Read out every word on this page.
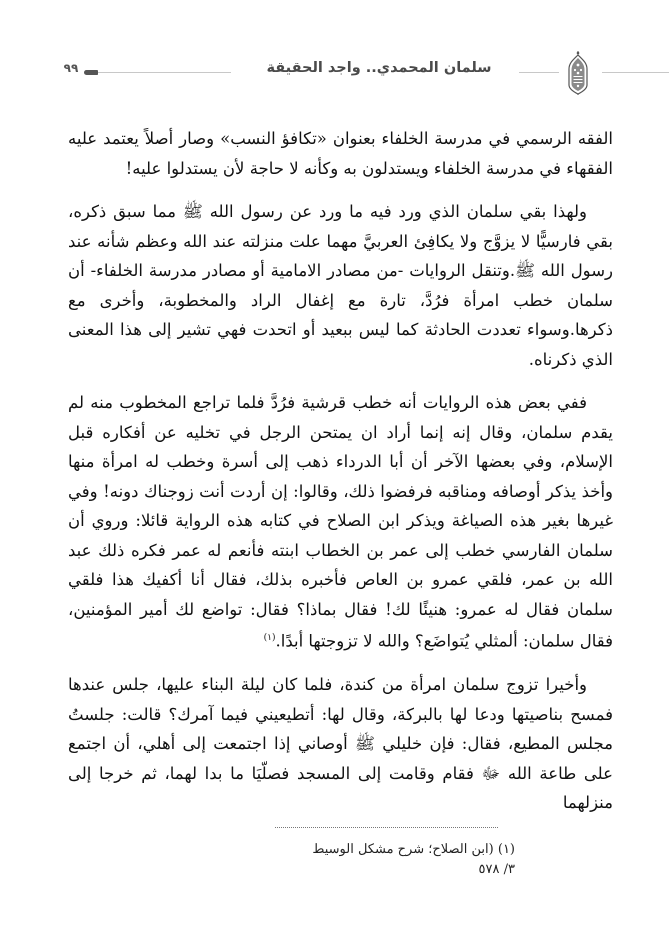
سلمان المحمدي.. واجد الحقيقة
٩٩

الفقه الرسمي في مدرسة الخلفاء بعنوان «تكافؤ النسب» وصار أصلاً يعتمد عليه الفقهاء في مدرسة الخلفاء ويستدلون به وكأنه لا حاجة لأن يستدلوا عليه!

ولهذا بقي سلمان الذي ورد فيه ما ورد عن رسول الله ﷺ مما سبق ذكره، بقي فارسيًّا لا يزوَّج ولا يكافِئ العربيَّ مهما علت منزلته عند الله وعظم شأنه عند رسول الله ﷺ.وتنقل الروايات -من مصادر الامامية أو مصادر مدرسة الخلفاء- أن سلمان خطب امرأة فرُدَّ، تارة مع إغفال الراد والمخطوبة، وأخرى مع ذكرها.وسواء تعددت الحادثة كما ليس ببعيد أو اتحدت فهي تشير إلى هذا المعنى الذي ذكرناه.

ففي بعض هذه الروايات أنه خطب قرشية فرُدَّ فلما تراجع المخطوب منه لم يقدم سلمان، وقال إنه إنما أراد ان يمتحن الرجل في تخليه عن أفكاره قبل الإسلام، وفي بعضها الآخر أن أبا الدرداء ذهب إلى أسرة وخطب له امرأة منها وأخذ يذكر أوصافه ومناقبه فرفضوا ذلك، وقالوا: إن أردت أنت زوجناك دونه! وفي غيرها بغير هذه الصياغة ويذكر ابن الصلاح في كتابه هذه الرواية قائلا: وروي أن سلمان الفارسي خطب إلى عمر بن الخطاب ابنته فأنعم له عمر فكره ذلك عبد الله بن عمر، فلقي عمرو بن العاص فأخبره بذلك، فقال أنا أكفيك هذا فلقي سلمان فقال له عمرو: هنيئًا لك! فقال بماذا؟ فقال: تواضع لك أمير المؤمنين، فقال سلمان: ألمثلي يُتواضَع؟ والله لا تزوجتها أبدًا.$^{(١)}$

وأخيرا تزوج سلمان امرأة من كندة، فلما كان ليلة البناء عليها، جلس عندها فمسح بناصيتها ودعا لها بالبركة، وقال لها: أتطيعيني فيما آمرك؟ قالت: جلستُ مجلس المطيع، فقال: فإن خليلي ﷺ أوصاني إذا اجتمعت إلى أهلي، أن اجتمع على طاعة الله ﷻ فقام وقامت إلى المسجد فصلّيَا ما بدا لهما، ثم خرجا إلى منزلهما

(١) (ابن الصلاح؛ شرح مشكل الوسيط ٣/ ٥٧٨
